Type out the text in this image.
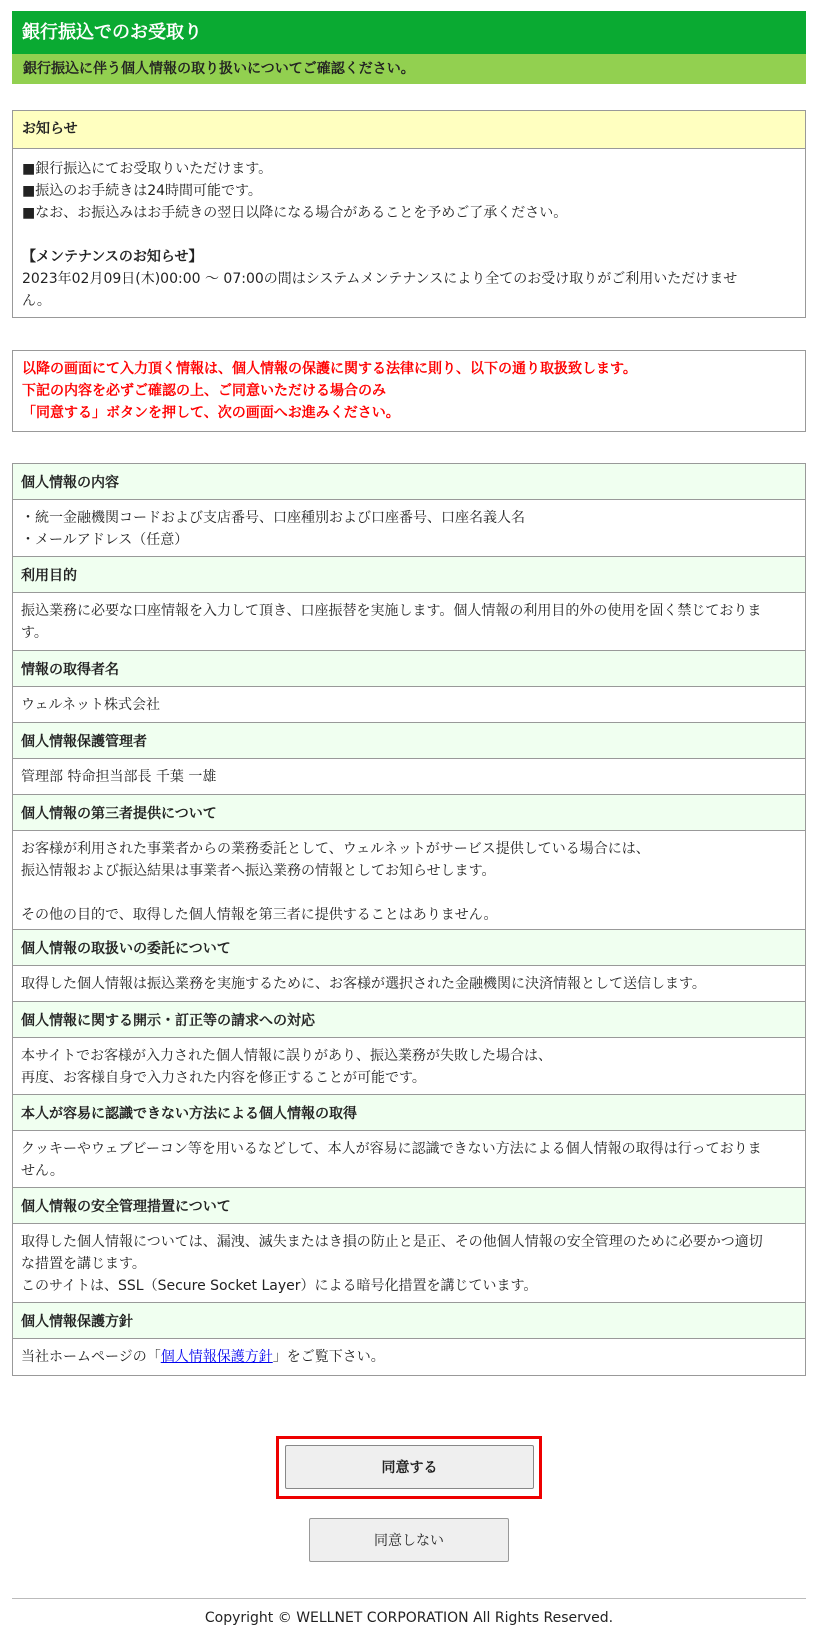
銀行振込でのお受取り
銀行振込に伴う個人情報の取り扱いについてご確認ください。
お知らせ
■銀行振込にてお受取りいただけます。
■振込のお手続きは24時間可能です。
■なお、お振込みはお手続きの翌日以降になる場合があることを予めご了承ください。
【メンテナンスのお知らせ】
2023年02月09日(木)00:00 ～ 07:00の間はシステムメンテナンスにより全てのお受け取りがご利用いただけませ
ん。
以降の画面にて入力頂く情報は、個人情報の保護に関する法律に則り、以下の通り取扱致します。
下記の内容を必ずご確認の上、ご同意いただける場合のみ
「同意する」ボタンを押して、次の画面へお進みください。
個人情報の内容
・統一金融機関コードおよび支店番号、口座種別および口座番号、口座名義人名
・メールアドレス（任意）
利用目的
振込業務に必要な口座情報を入力して頂き、口座振替を実施します。個人情報の利用目的外の使用を固く禁じておりま
す。
情報の取得者名
ウェルネット株式会社
個人情報保護管理者
管理部 特命担当部長 千葉 一雄
個人情報の第三者提供について
お客様が利用された事業者からの業務委託として、ウェルネットがサービス提供している場合には、
振込情報および振込結果は事業者へ振込業務の情報としてお知らせします。
その他の目的で、取得した個人情報を第三者に提供することはありません。
個人情報の取扱いの委託について
取得した個人情報は振込業務を実施するために、お客様が選択された金融機関に決済情報として送信します。
個人情報に関する開示・訂正等の請求への対応
本サイトでお客様が入力された個人情報に誤りがあり、振込業務が失敗した場合は、
再度、お客様自身で入力された内容を修正することが可能です。
本人が容易に認識できない方法による個人情報の取得
クッキーやウェブビーコン等を用いるなどして、本人が容易に認識できない方法による個人情報の取得は行っておりま
せん。
個人情報の安全管理措置について
取得した個人情報については、漏洩、滅失またはき損の防止と是正、その他個人情報の安全管理のために必要かつ適切
な措置を講じます。
このサイトは、SSL（Secure Socket Layer）による暗号化措置を講じています。
個人情報保護方針
当社ホームページの「 個人情報保護方針 」をご覧下さい。
同意する
同意しない
Copyright © WELLNET CORPORATION All Rights Reserved.
